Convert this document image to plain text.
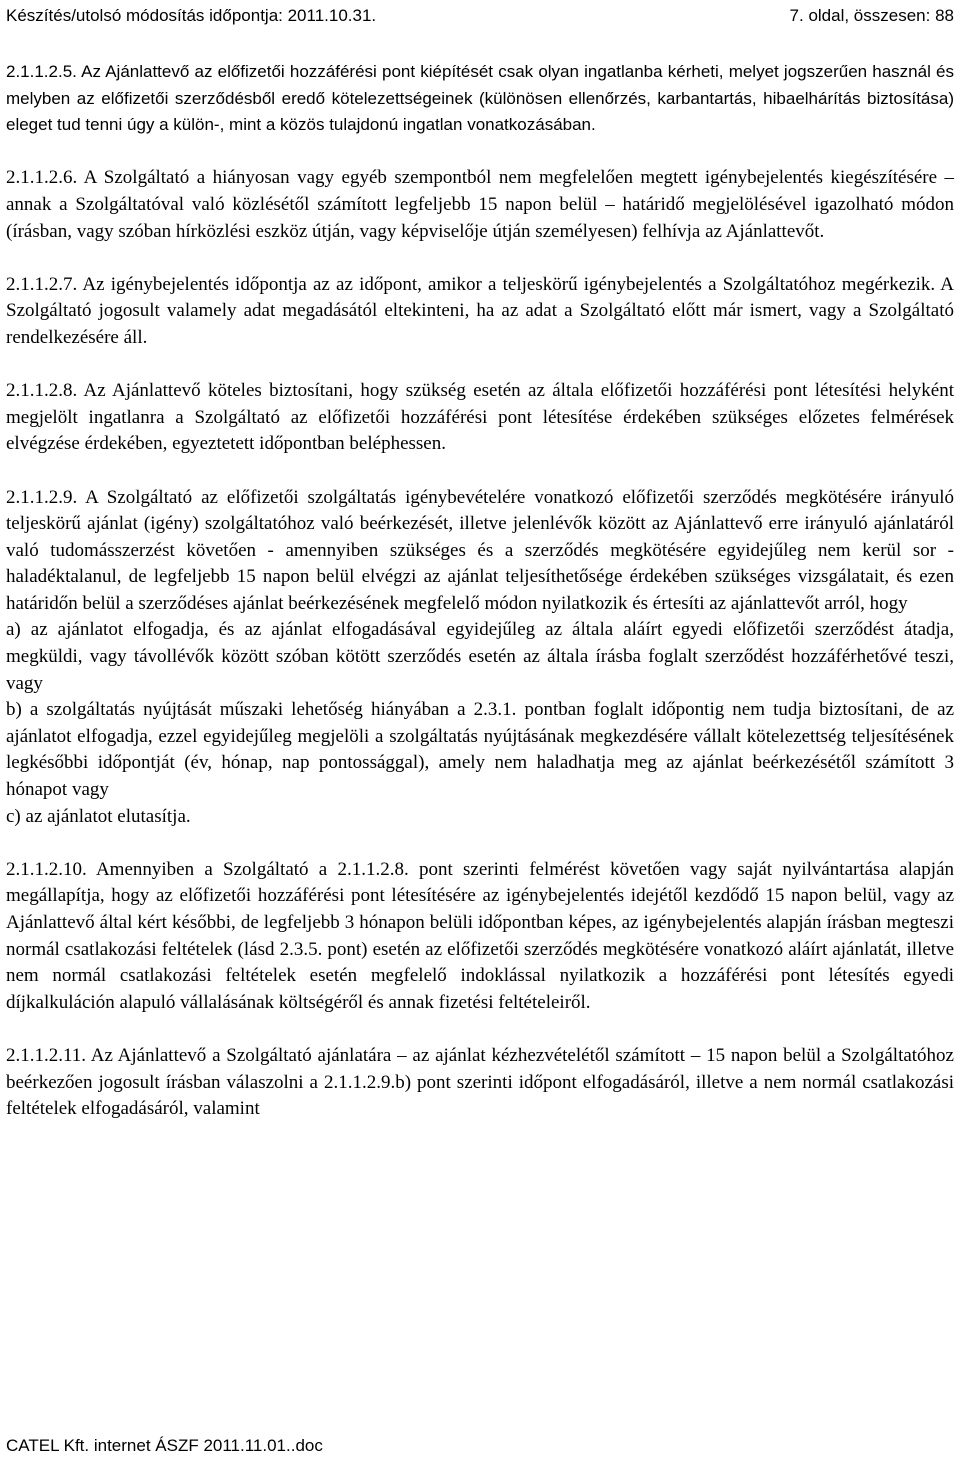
Készítés/utolsó módosítás időpontja: 2011.10.31.	7. oldal, összesen: 88

2.1.1.2.5. Az Ajánlattevő az előfizetői hozzáférési pont kiépítését csak olyan ingatlanba kérheti, melyet jogszerűen használ és melyben az előfizetői szerződésből eredő kötelezettségeinek (különösen ellenőrzés, karbantartás, hibaelhárítás biztosítása) eleget tud tenni úgy a külön-, mint a közös tulajdonú ingatlan vonatkozásában.

2.1.1.2.6. A Szolgáltató a hiányosan vagy egyéb szempontból nem megfelelően megtett igénybejelentés kiegészítésére – annak a Szolgáltatóval való közlésétől számított legfeljebb 15 napon belül – határidő megjelölésével igazolható módon (írásban, vagy szóban hírközlési eszköz útján, vagy képviselője útján személyesen) felhívja az Ajánlattevőt.

2.1.1.2.7. Az igénybejelentés időpontja az az időpont, amikor a teljeskörű igénybejelentés a Szolgáltatóhoz megérkezik. A Szolgáltató jogosult valamely adat megadásától eltekinteni, ha az adat a Szolgáltató előtt már ismert, vagy a Szolgáltató rendelkezésére áll.

2.1.1.2.8. Az Ajánlattevő köteles biztosítani, hogy szükség esetén az általa előfizetői hozzáférési pont létesítési helyként megjelölt ingatlanra a Szolgáltató az előfizetői hozzáférési pont létesítése érdekében szükséges előzetes felmérések elvégzése érdekében, egyeztetett időpontban beléphessen.

2.1.1.2.9. A Szolgáltató az előfizetői szolgáltatás igénybevételére vonatkozó előfizetői szerződés megkötésére irányuló teljeskörű ajánlat (igény) szolgáltatóhoz való beérkezését, illetve jelenlévők között az Ajánlattevő erre irányuló ajánlatáról való tudomásszerzést követően - amennyiben szükséges és a szerződés megkötésére egyidejűleg nem kerül sor - haladéktalanul, de legfeljebb 15 napon belül elvégzi az ajánlat teljesíthetősége érdekében szükséges vizsgálatait, és ezen határidőn belül a szerződéses ajánlat beérkezésének megfelelő módon nyilatkozik és értesíti az ajánlattevőt arról, hogy
a) az ajánlatot elfogadja, és az ajánlat elfogadásával egyidejűleg az általa aláírt egyedi előfizetői szerződést átadja, megküldi, vagy távollévők között szóban kötött szerződés esetén az általa írásba foglalt szerződést hozzáférhetővé teszi, vagy
b) a szolgáltatás nyújtását műszaki lehetőség hiányában a 2.3.1. pontban foglalt időpontig nem tudja biztosítani, de az ajánlatot elfogadja, ezzel egyidejűleg megjelöli a szolgáltatás nyújtásának megkezdésére vállalt kötelezettség teljesítésének legkésőbbi időpontját (év, hónap, nap pontossággal), amely nem haladhatja meg az ajánlat beérkezésétől számított 3 hónapot vagy
c) az ajánlatot elutasítja.

2.1.1.2.10. Amennyiben a Szolgáltató a 2.1.1.2.8. pont szerinti felmérést követően vagy saját nyilvántartása alapján megállapítja, hogy az előfizetői hozzáférési pont létesítésére az igénybejelentés idejétől kezdődő 15 napon belül, vagy az Ajánlattevő által kért későbbi, de legfeljebb 3 hónapon belüli időpontban képes, az igénybejelentés alapján írásban megteszi normál csatlakozási feltételek (lásd 2.3.5. pont) esetén az előfizetői szerződés megkötésére vonatkozó aláírt ajánlatát, illetve nem normál csatlakozási feltételek esetén megfelelő indoklással nyilatkozik a hozzáférési pont létesítés egyedi díjkalkuláción alapuló vállalásának költségéről és annak fizetési feltételeiről.

2.1.1.2.11. Az Ajánlattevő a Szolgáltató ajánlatára – az ajánlat kézhezvételétől számított – 15 napon belül a Szolgáltatóhoz beérkezően jogosult írásban válaszolni a 2.1.1.2.9.b) pont szerinti időpont elfogadásáról, illetve a nem normál csatlakozási feltételek elfogadásáról, valamint

CATEL Kft. internet ÁSZF 2011.11.01..doc
